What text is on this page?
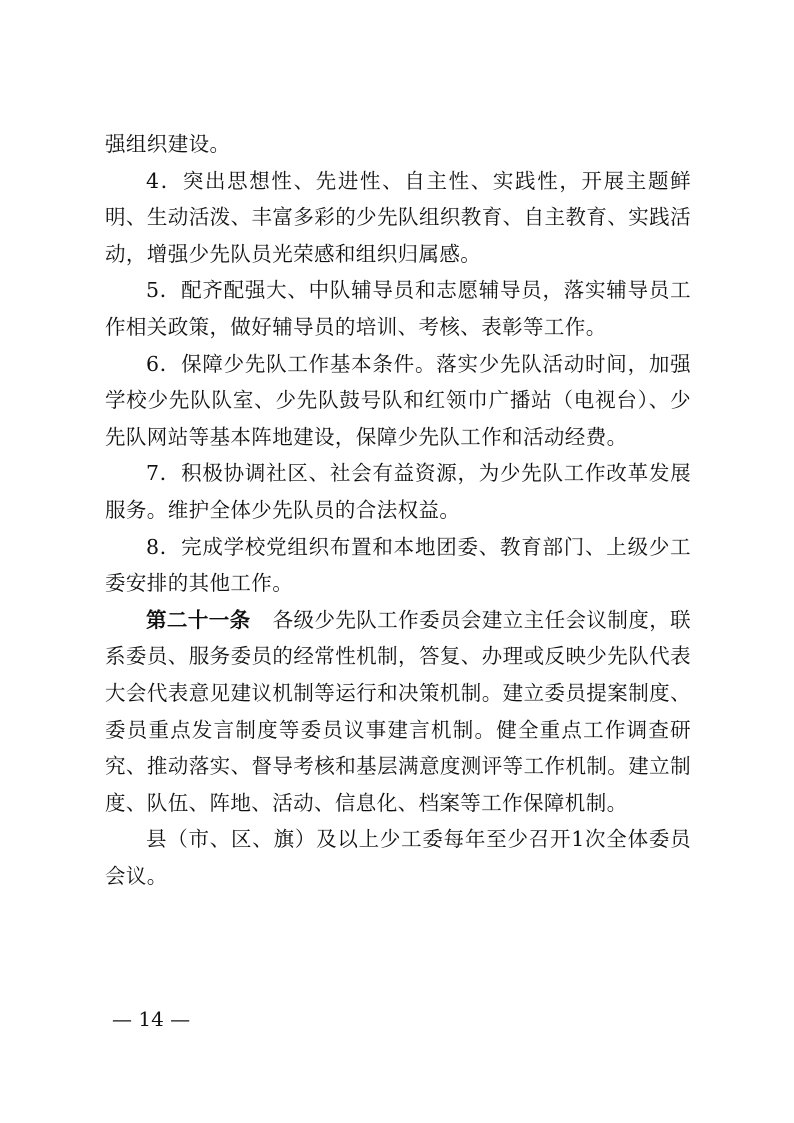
强组织建设。

4．突出思想性、先进性、自主性、实践性，开展主题鲜明、生动活泼、丰富多彩的少先队组织教育、自主教育、实践活动，增强少先队员光荣感和组织归属感。

5．配齐配强大、中队辅导员和志愿辅导员，落实辅导员工作相关政策，做好辅导员的培训、考核、表彰等工作。

6．保障少先队工作基本条件。落实少先队活动时间，加强学校少先队队室、少先队鼓号队和红领巾广播站（电视台）、少先队网站等基本阵地建设，保障少先队工作和活动经费。

7．积极协调社区、社会有益资源，为少先队工作改革发展服务。维护全体少先队员的合法权益。

8．完成学校党组织布置和本地团委、教育部门、上级少工委安排的其他工作。

第二十一条 各级少先队工作委员会建立主任会议制度，联系委员、服务委员的经常性机制，答复、办理或反映少先队代表大会代表意见建议机制等运行和决策机制。建立委员提案制度、委员重点发言制度等委员议事建言机制。健全重点工作调查研究、推动落实、督导考核和基层满意度测评等工作机制。建立制度、队伍、阵地、活动、信息化、档案等工作保障机制。

县（市、区、旗）及以上少工委每年至少召开1次全体委员会议。

— 14 —
